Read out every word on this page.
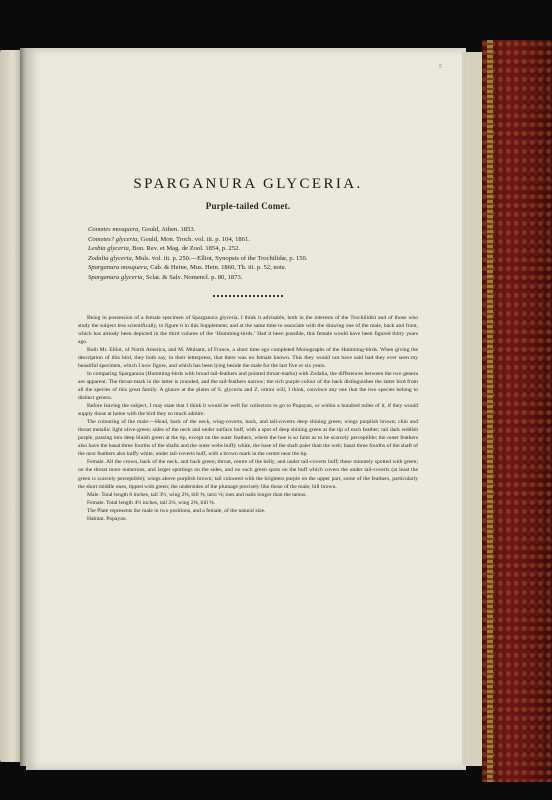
5
SPARGANURA GLYCERIA.
Purple-tailed Comet.
Cometes mosquera, Gould, Athen. 1853.
Cometes? glyceria, Gould, Mon. Troch. vol. iii. p. 104, 1861.
Lesbia glyceria, Bon. Rev. et Mag. de Zool. 1854, p. 252.
Zodalia glyceria, Muls. vol. iii. p. 250.—Elliot, Synopsis of the Trochilidæ, p. 150.
Sparganura mosquera, Cab. & Heine, Mus. Hein. 1860, Th. iii. p. 52, note.
Sparganura glyceria, Sclat. & Salv. Nomencl. p. 80, 1873.

Being in possession of a female specimen of Sparganura glyceria, I think it advisable, both in the interests of the Trochilidist and of those who study the subject less scientifically, to figure it in this Supplement, and at the same time to associate with the drawing one of the male, back and front, which has already been depicted in the third volume of the ‘Humming-birds.’ Had it been possible, this female would have been figured thirty years ago.

Both Mr. Elliot, of North America, and M. Mulsant, of France, a short time ago completed Monographs of the Humming-birds. When giving the description of this bird, they both say, in their letterpress, that there was no female known. This they would not have said had they ever seen my beautiful specimen, which I now figure, and which has been lying beside the male for the last five or six years.

In comparing Sparganura (Humming-birds with broad tail-feathers and pointed throat-marks) with Zodalia, the differences between the two genera are apparent. The throat-mark in the latter is rounded, and the tail-feathers narrow; the rich purple colour of the back distinguishes the latter bird from all the species of this great family. A glance at the plates of S. glyceria and Z. ortoni will, I think, convince any one that the two species belong to distinct genera.

Before leaving the subject, I may state that I think it would be well for collectors to go to Popayan, or within a hundred miles of it, if they would supply those at home with the bird they so much admire.

The colouring of the male:—Head, back of the neck, wing-coverts, back, and tail-coverts deep shining green; wings purplish brown; chin and throat metallic light olive-green; sides of the neck and under surface buff, with a spot of deep shining green at the tip of each feather; tail dark reddish purple, passing into deep bluish green at the tip, except on the outer feathers, where the hue is so faint as to be scarcely perceptible; the outer feathers also have the basal three fourths of the shafts and the outer webs buffy white, the base of the shaft paler than the web; basal three fourths of the shaft of the next feathers also buffy white; under tail-coverts buff, with a brown mark in the centre near the tip.

Female. All the crown, back of the neck, and back green; throat, centre of the belly, and under tail-coverts buff; these minutely spotted with green; on the throat more numerous, and larger spottings on the sides, and no such green spots on the buff which covers the under tail-coverts (at least the green is scarcely perceptible); wings above purplish brown; tail coloured with the brightest purple on the upper part, some of the feathers, particularly the short middle ones, tipped with green; the undersides of the plumage precisely like those of the male; bill brown.

Male. Total length 6 inches, tail 3½, wing 2⅝, bill ⅝, tarsi ⅛; toes and nails longer than the tarsus.

Female. Total length 4½ inches, tail 2⅛, wing 2⅝, bill ⅝.

The Plate represents the male in two positions, and a female, of the natural size.

Habitat. Popayan.
